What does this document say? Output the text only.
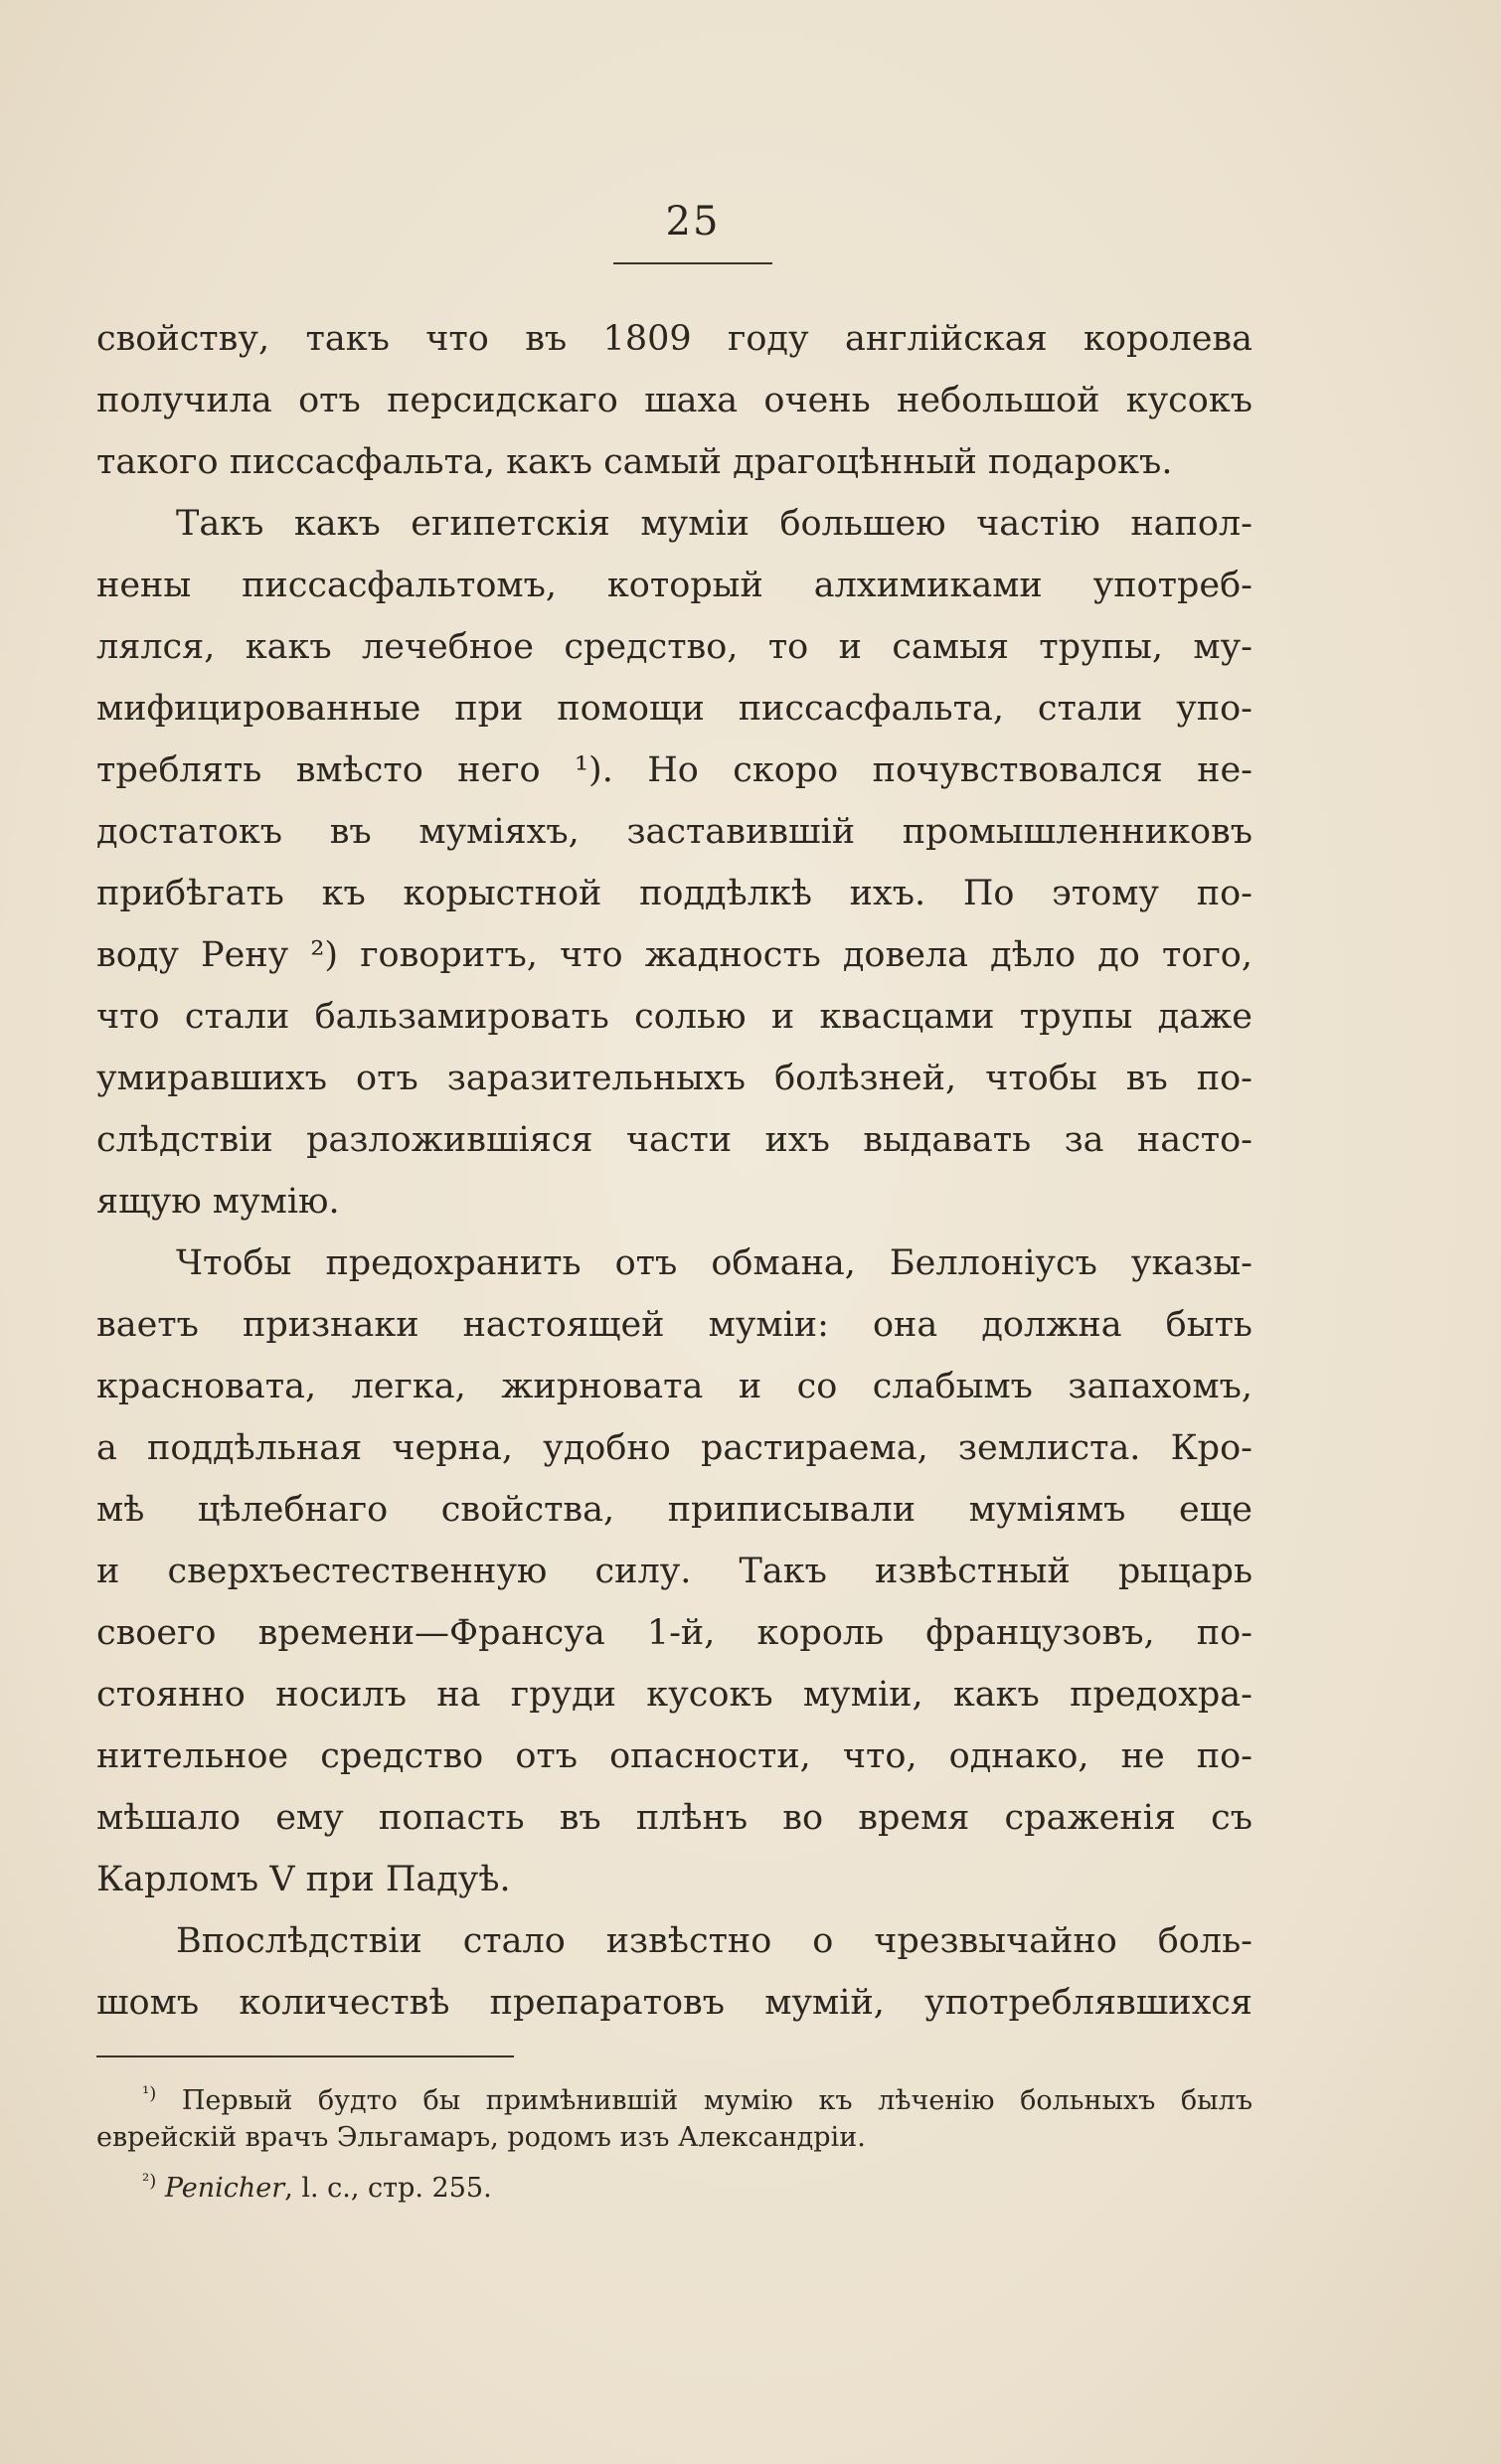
25
свойству, такъ что въ 1809 году англійская королева
получила отъ персидскаго шаха очень небольшой кусокъ
такого писсасфальта, какъ самый драгоцѣнный подарокъ.
Такъ какъ египетскія муміи большею частію напол-
нены писсасфальтомъ, который алхимиками употреб-
лялся, какъ лечебное средство, то и самыя трупы, му-
мифицированные при помощи писсасфальта, стали упо-
треблять вмѣсто него ¹). Но скоро почувствовался не-
достатокъ въ муміяхъ, заставившій промышленниковъ
прибѣгать къ корыстной поддѣлкѣ ихъ. По этому по-
воду Рену ²) говоритъ, что жадность довела дѣло до того,
что стали бальзамировать солью и квасцами трупы даже
умиравшихъ отъ заразительныхъ болѣзней, чтобы въ по-
слѣдствіи разложившіяся части ихъ выдавать за насто-
ящую мумію.
Чтобы предохранить отъ обмана, Беллоніусъ указы-
ваетъ признаки настоящей муміи: она должна быть
красновата, легка, жирновата и со слабымъ запахомъ,
а поддѣльная черна, удобно растираема, землиста. Кро-
мѣ цѣлебнаго свойства, приписывали муміямъ еще
и сверхъестественную силу. Такъ извѣстный рыцарь
своего времени—Франсуа 1-й, король французовъ, по-
стоянно носилъ на груди кусокъ муміи, какъ предохра-
нительное средство отъ опасности, что, однако, не по-
мѣшало ему попасть въ плѣнъ во время сраженія съ
Карломъ V при Падуѣ.
Впослѣдствіи стало извѣстно о чрезвычайно боль-
шомъ количествѣ препаратовъ мумій, употреблявшихся
$^{^1)}$ Первый будто бы примѣнившій мумію къ лѣченію больныхъ былъ
еврейскій врачъ Эльгамаръ, родомъ изъ Александріи.
$^{^2)}$ Penicher, l. c., стр. 255.
